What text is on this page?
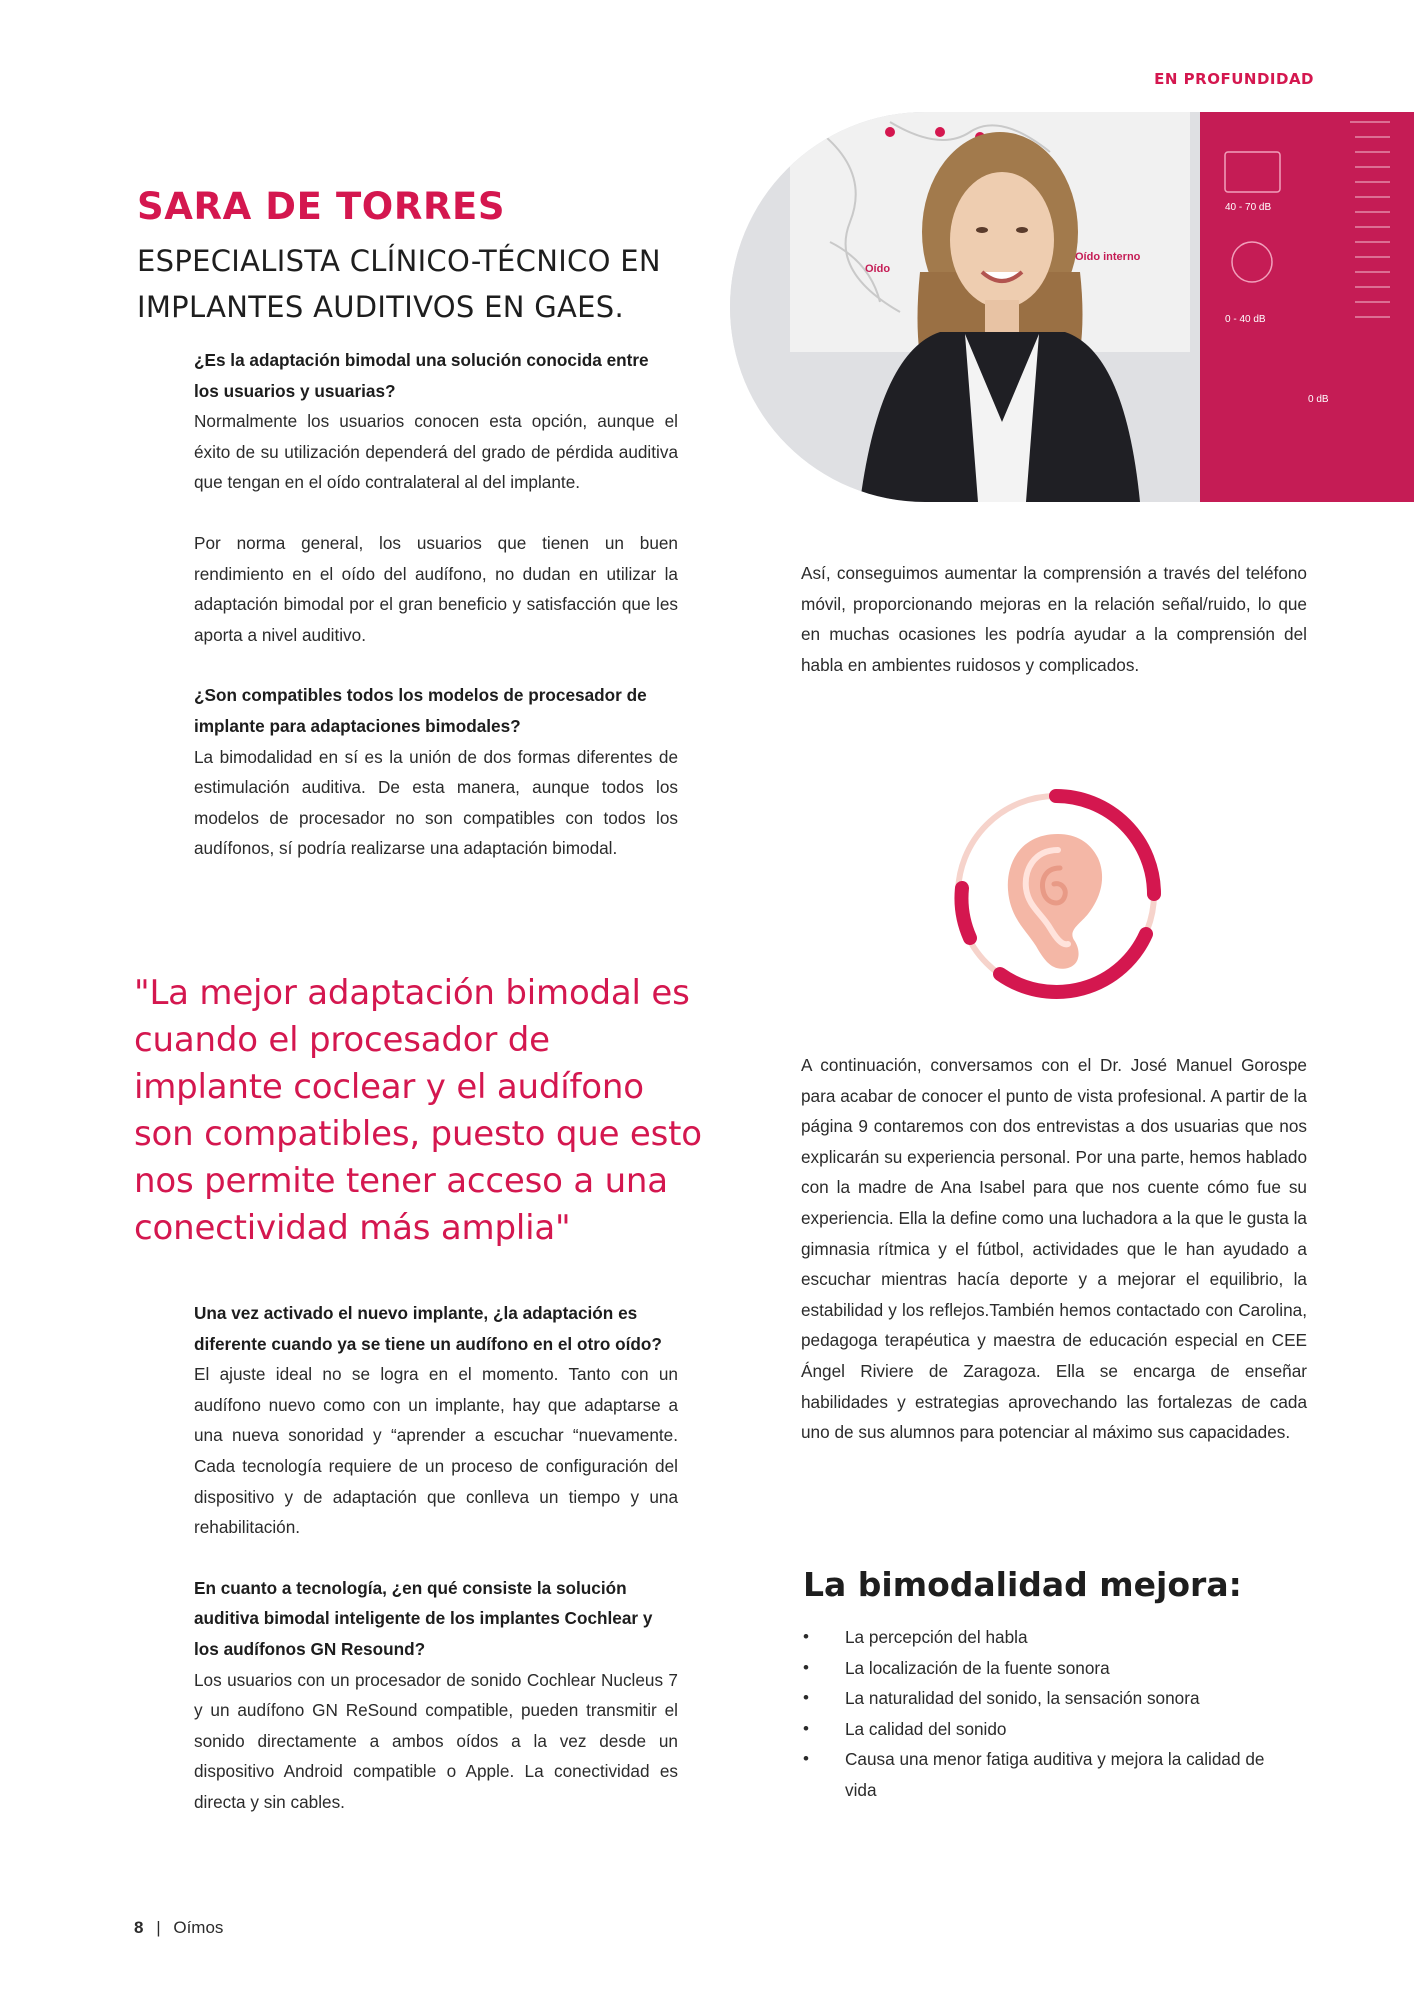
EN PROFUNDIDAD
SARA DE TORRES
ESPECIALISTA CLÍNICO-TÉCNICO EN
IMPLANTES AUDITIVOS EN GAES.
40 - 70 dB
0 - 40 dB
0 dB
Oído interno
Oído
¿Es la adaptación bimodal una solución conocida entre los usuarios y usuarias?
Normalmente los usuarios conocen esta opción, aunque el éxito de su utilización dependerá del grado de pérdida auditiva que tengan en el oído contralateral al del implante.
Por norma general, los usuarios que tienen un buen rendimiento en el oído del audífono, no dudan en utilizar la adaptación bimodal por el gran beneficio y satisfacción que les aporta a nivel auditivo.
¿Son compatibles todos los modelos de procesador de implante para adaptaciones bimodales?
La bimodalidad en sí es la unión de dos formas diferentes de estimulación auditiva. De esta manera, aunque todos los modelos de procesador no son compatibles con todos los audífonos, sí podría realizarse una adaptación bimodal.
"La mejor adaptación bimodal es cuando el procesador de implante coclear y el audífono son compatibles, puesto que esto nos permite tener acceso a una conectividad más amplia"
Una vez activado el nuevo implante, ¿la adaptación es diferente cuando ya se tiene un audífono en el otro oído?
El ajuste ideal no se logra en el momento. Tanto con un audífono nuevo como con un implante, hay que adaptarse a una nueva sonoridad y “aprender a escuchar “nuevamente. Cada tecnología requiere de un proceso de configuración del dispositivo y de adaptación que conlleva un tiempo y una rehabilitación.
En cuanto a tecnología, ¿en qué consiste la solución auditiva bimodal inteligente de los implantes Cochlear y los audífonos GN Resound?
Los usuarios con un procesador de sonido Cochlear Nucleus 7 y un audífono GN ReSound compatible, pueden transmitir el sonido directamente a ambos oídos a la vez desde un dispositivo Android compatible o Apple. La conectividad es directa y sin cables.
Así, conseguimos aumentar la comprensión a través del teléfono móvil, proporcionando mejoras en la relación señal/ruido, lo que en muchas ocasiones les podría ayudar a la comprensión del habla en ambientes ruidosos y complicados.
A continuación, conversamos con el Dr. José Manuel Gorospe para acabar de conocer el punto de vista profesional. A partir de la página 9 contaremos con dos entrevistas a dos usuarias que nos explicarán su experiencia personal. Por una parte, hemos hablado con la madre de Ana Isabel para que nos cuente cómo fue su experiencia. Ella la define como una luchadora a la que le gusta la gimnasia rítmica y el fútbol, actividades que le han ayudado a escuchar mientras hacía deporte y a mejorar el equilibrio, la estabilidad y los reflejos.También hemos contactado con Carolina, pedagoga terapéutica y maestra de educación especial en CEE Ángel Riviere de Zaragoza. Ella se encarga de enseñar habilidades y estrategias aprovechando las fortalezas de cada uno de sus alumnos para potenciar al máximo sus capacidades.
La bimodalidad mejora:
• La percepción del habla
• La localización de la fuente sonora
• La naturalidad del sonido, la sensación sonora
• La calidad del sonido
• Causa una menor fatiga auditiva y mejora la calidad de vida
8 | Oímos
